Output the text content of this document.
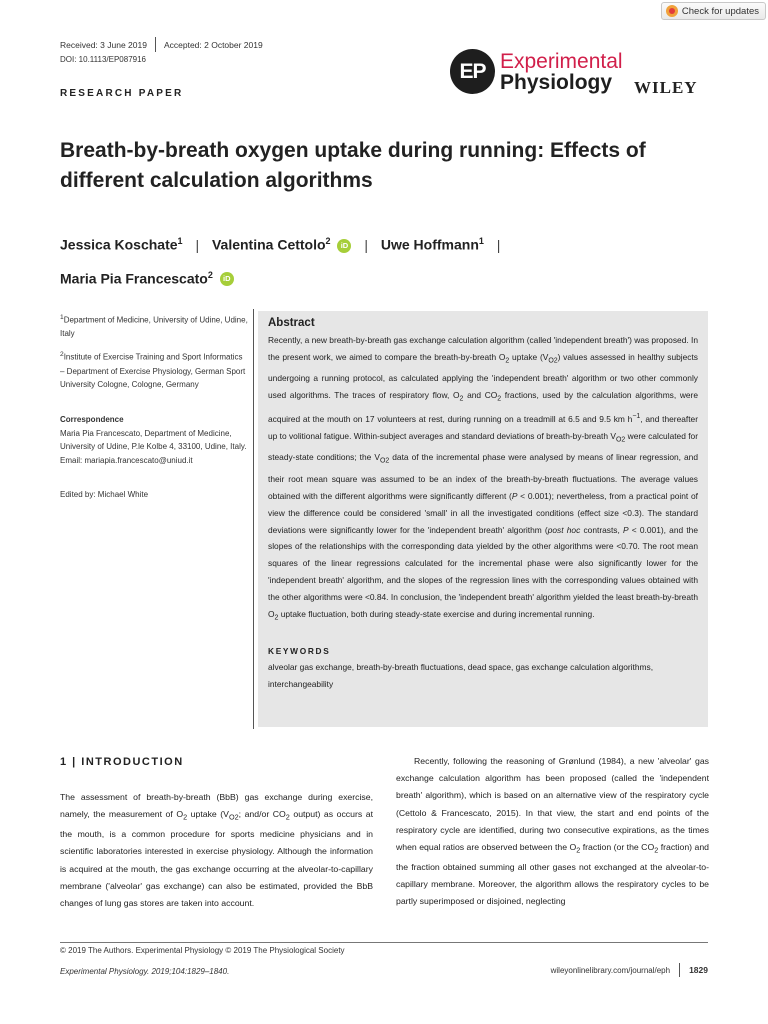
Check for updates
Received: 3 June 2019 Accepted: 2 October 2019
DOI: 10.1113/EP087916	EP Experimental
Physiology	WILEY
RESEARCH PAPER
Breath-by-breath oxygen uptake during running: Effects of different calculation algorithms
Jessica Koschate$^1$ | Valentina Cettolo$^2$ iD | Uwe Hoffmann$^1$ |
Maria Pia Francescato$^2$ iD

$^1$Department of Medicine, University of Udine, Udine, Italy

$^2$Institute of Exercise Training and Sport Informatics – Department of Exercise Physiology, German Sport University Cologne, Cologne, Germany

Correspondence
Maria Pia Francescato, Department of Medicine, University of Udine, P.le Kolbe 4, 33100, Udine, Italy.
Email: mariapia.francescato@uniud.it
Edited by: Michael White
Abstract
Recently, a new breath-by-breath gas exchange calculation algorithm (called 'independent breath') was proposed. In the present work, we aimed to compare the breath-by-breath $O_2$ uptake $(V_{O2})$ values assessed in healthy subjects undergoing a running protocol, as calculated applying the 'independent breath' algorithm or two other commonly used algorithms. The traces of respiratory flow, $O_2$ and $CO_2$ fractions, used by the calculation algorithms, were acquired at the mouth on 17 volunteers at rest, during running on a treadmill at 6.5 and 9.5 km $h^{-1}$, and thereafter up to volitional fatigue. Within-subject averages and standard deviations of breath-by-breath $V_{O2}$ were calculated for steady-state conditions; the $V_{O2}$ data of the incremental phase were analysed by means of linear regression, and their root mean square was assumed to be an index of the breath-by-breath fluctuations. The average values obtained with the different algorithms were significantly different (P < 0.001); nevertheless, from a practical point of view the difference could be considered 'small' in all the investigated conditions (effect size <0.3). The standard deviations were significantly lower for the 'independent breath' algorithm (post hoc contrasts, P < 0.001), and the slopes of the relationships with the corresponding data yielded by the other algorithms were <0.70. The root mean squares of the linear regressions calculated for the incremental phase were also significantly lower for the 'independent breath' algorithm, and the slopes of the regression lines with the corresponding values obtained with the other algorithms were <0.84. In conclusion, the 'independent breath' algorithm yielded the least breath-by-breath $O_2$ uptake fluctuation, both during steady-state exercise and during incremental running.
KEYWORDS
alveolar gas exchange, breath-by-breath fluctuations, dead space, gas exchange calculation algorithms, interchangeability
1 | INTRODUCTION
The assessment of breath-by-breath (BbB) gas exchange during exercise, namely, the measurement of $O_2$ uptake ($V_{O2}$; and/or $CO_2$ output) as occurs at the mouth, is a common procedure for sports medicine physicians and in scientific laboratories interested in exercise physiology. Although the information is acquired at the mouth, the gas exchange occurring at the alveolar-to-capillary membrane ('alveolar' gas exchange) can also be estimated, provided the BbB changes of lung gas stores are taken into account.
Recently, following the reasoning of Grønlund (1984), a new 'alveolar' gas exchange calculation algorithm has been proposed (called the 'independent breath' algorithm), which is based on an alternative view of the respiratory cycle (Cettolo & Francescato, 2015). In that view, the start and end points of the respiratory cycle are identified, during two consecutive expirations, as the times when equal ratios are observed between the $O_2$ fraction (or the $CO_2$ fraction) and the fraction obtained summing all other gases not exchanged at the alveolar-to-capillary membrane. Moreover, the algorithm allows the respiratory cycles to be partly superimposed or disjoined, neglecting
© 2019 The Authors. Experimental Physiology © 2019 The Physiological Society
Experimental Physiology. 2019;104:1829–1840.	wileyonlinelibrary.com/journal/eph 1829
